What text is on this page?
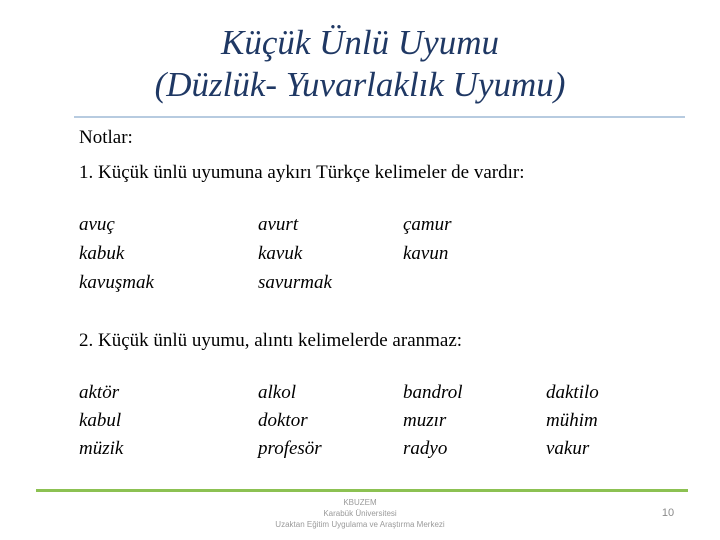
Küçük Ünlü Uyumu
(Düzlük- Yuvarlaklık Uyumu)
Notlar:
1. Küçük ünlü uyumuna aykırı Türkçe kelimeler de vardır:
avuç
kabuk
kavuşmak
avurt
kavuk
savurmak
çamur
kavun
2. Küçük ünlü uyumu, alıntı kelimelerde aranmaz:
aktör
kabul
müzik
alkol
doktor
profesör
bandrol
muzır
radyo
daktilo
mühim
vakur
KBUZEM
Karabük Üniversitesi
Uzaktan Eğitim Uygulama ve Araştırma Merkezi
10
